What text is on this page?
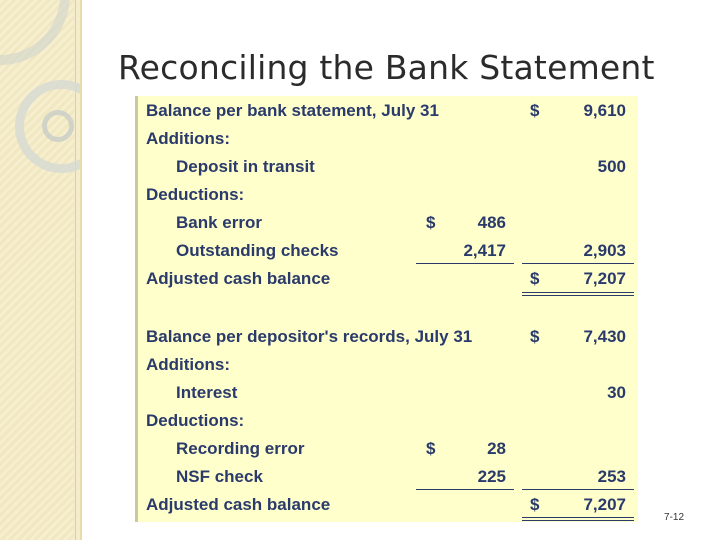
Reconciling the Bank Statement
Balance per bank statement, July 31	$	9,610
Additions:
Deposit in transit	500
Deductions:
Bank error	$	486
Outstanding checks	2,417	2,903
Adjusted cash balance	$	7,207
Balance per depositor's records, July 31	$	7,430
Additions:
Interest	30
Deductions:
Recording error	$	28
NSF check	225	253
Adjusted cash balance	$	7,207
7-12
